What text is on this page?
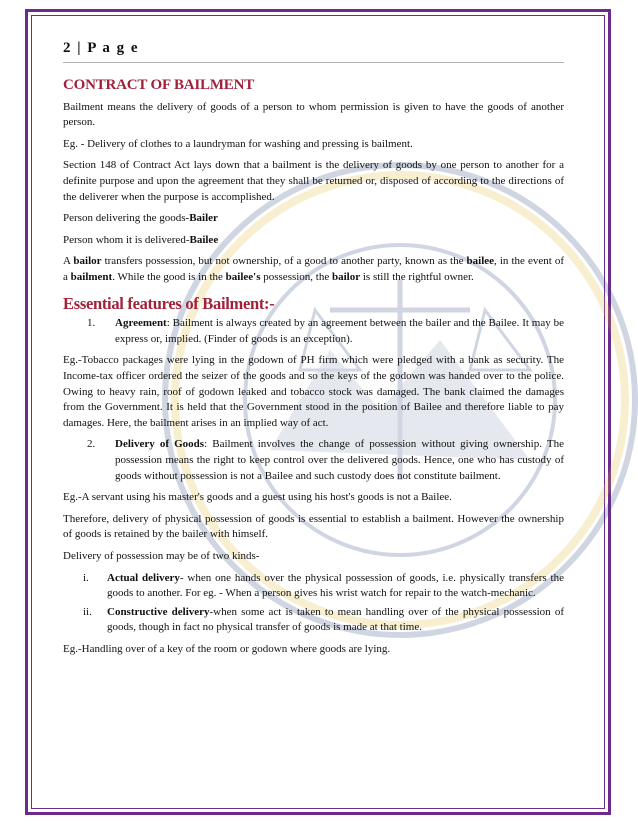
2 | P a g e
CONTRACT OF BAILMENT

Bailment means the delivery of goods of a person to whom permission is given to have the goods of another person.

Eg. - Delivery of clothes to a laundryman for washing and pressing is bailment.

Section 148 of Contract Act lays down that a bailment is the delivery of goods by one person to another for a definite purpose and upon the agreement that they shall be returned or, disposed of according to the directions of the deliverer when the purpose is accomplished.

Person delivering the goods-Bailer

Person whom it is delivered-Bailee

A bailor transfers possession, but not ownership, of a good to another party, known as the bailee, in the event of a bailment. While the good is in the bailee's possession, the bailor is still the rightful owner.

Essential features of Bailment:-
1.	Agreement: Bailment is always created by an agreement between the bailer and the Bailee. It may be express or, implied. (Finder of goods is an exception).

Eg.-Tobacco packages were lying in the godown of PH firm which were pledged with a bank as security. The Income-tax officer ordered the seizer of the goods and so the keys of the godown was handed over to the police. Owing to heavy rain, roof of godown leaked and tobacco stock was damaged. The bank claimed the damages from the Government. It is held that the Government stood in the position of Bailee and therefore liable to pay damages. Here, the bailment arises in an implied way of act.

2.	Delivery of Goods: Bailment involves the change of possession without giving ownership. The possession means the right to keep control over the delivered goods. Hence, one who has custody of goods without possession is not a Bailee and such custody does not constitute bailment.

Eg.-A servant using his master's goods and a guest using his host's goods is not a Bailee.

Therefore, delivery of physical possession of goods is essential to establish a bailment. However the ownership of goods is retained by the bailer with himself.

Delivery of possession may be of two kinds-

i.	Actual delivery- when one hands over the physical possession of goods, i.e. physically transfers the goods to another. For eg. - When a person gives his wrist watch for repair to the watch-mechanic.
ii.	Constructive delivery-when some act is taken to mean handling over of the physical possession of goods, though in fact no physical transfer of goods is made at that time.

Eg.-Handling over of a key of the room or godown where goods are lying.
